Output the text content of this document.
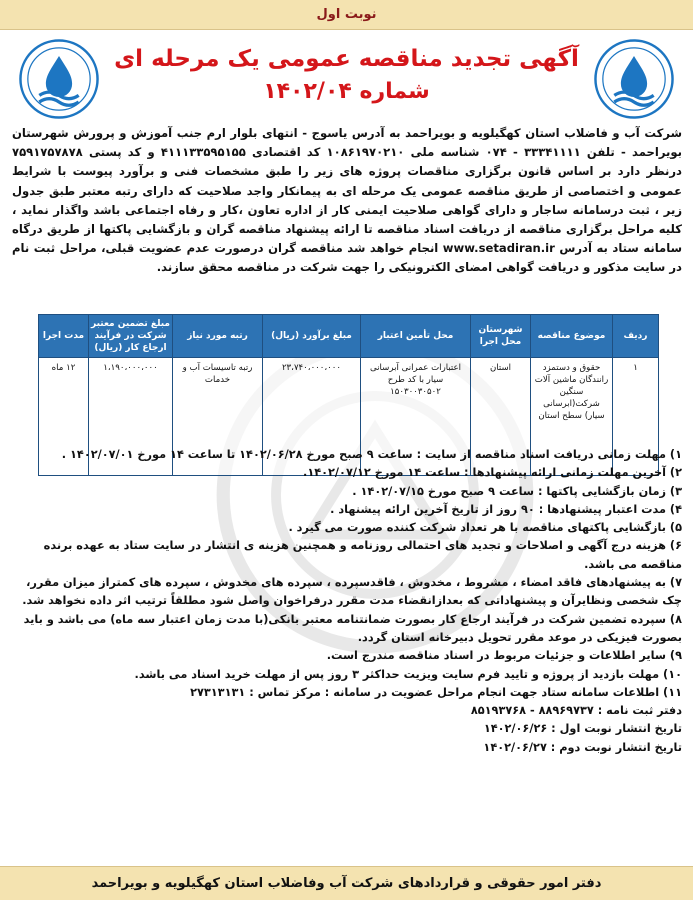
نوبت اول
آگهی تجدید مناقصه عمومی یک مرحله ای
شماره ۱۴۰۲/۰۴
شرکت آب و فاضلاب استان کهگیلویه و بویراحمد به آدرس یاسوج - انتهای بلوار ارم جنب آموزش و پرورش شهرستان بویراحمد - تلفن ۳۳۳۴۱۱۱۱ - ۰۷۴ شناسه ملی ۱۰۸۶۱۹۷۰۲۱۰ کد اقتصادی ۴۱۱۱۳۳۵۹۵۱۵۵ و کد پستی ۷۵۹۱۷۵۷۸۷۸ درنظر دارد بر اساس قانون برگزاری مناقصات پروژه های زیر را طبق مشخصات فنی و برآورد پیوست با شرایط عمومی و اختصاصی از طریق مناقصه عمومی یک مرحله ای به پیمانکار واجد صلاحیت که دارای رتبه معتبر طبق جدول زیر ، ثبت درسامانه ساجار و دارای گواهی صلاحیت ایمنی کار از اداره تعاون ،کار و رفاه اجتماعی باشد واگذار نماید ، کلیه مراحل برگزاری مناقصه از دریافت اسناد مناقصه تا ارائه پیشنهاد مناقصه گران و بازگشایی پاکتها از طریق درگاه سامانه ستاد به آدرس www.setadiran.ir انجام خواهد شد مناقصه گران درصورت عدم عضویت قبلی، مراحل ثبت نام در سایت مذکور و دریافت گواهی امضای الکترونیکی را جهت شرکت در مناقصه محقق سازند.
ردیف	موضوع مناقصه	شهرستان محل اجرا	محل تأمین اعتبار	مبلغ برآورد (ریال)	رتبه مورد نیاز	مبلغ تضمین معتبر شرکت در فرآیند ارجاع کار (ریال)	مدت اجرا
۱	حقوق و دستمزد رانندگان ماشین آلات سنگین شرکت(ابرسانی سیار) سطح استان	استان	اعتبارات عمرانی آبرسانی سیار با کد طرح ۱۵۰۳۰۰۳۰۵۰۲	۲۳،۷۴۰،۰۰۰،۰۰۰	رتبه تاسیسات آب و خدمات	۱،۱۹۰،۰۰۰،۰۰۰	۱۲ ماه

۱) مهلت زمانی دریافت اسناد مناقصه از سایت : ساعت ۹ صبح مورخ ۱۴۰۲/۰۶/۲۸ تا ساعت ۱۴ مورخ ۱۴۰۲/۰۷/۰۱ .

۲) آخرین مهلت زمانی ارائه پیشنهادها : ساعت ۱۴ مورخ ۱۴۰۲/۰۷/۱۲.

۳) زمان بازگشایی پاکتها : ساعت ۹ صبح مورخ ۱۴۰۲/۰۷/۱۵ .

۴) مدت اعتبار پیشنهادها : ۹۰ روز از تاریخ آخرین ارائه پیشنهاد .

۵) بازگشایی پاکتهای مناقصه با هر تعداد شرکت کننده صورت می گیرد .

۶) هزینه درج آگهی و اصلاحات و تجدید های احتمالی روزنامه و همچنین هزینه ی انتشار در سایت ستاد به عهده برنده مناقصه می باشد.

۷) به پیشنهادهای فاقد امضاء ، مشروط ، مخدوش ، فاقدسپرده ، سپرده های مخدوش ، سپرده های کمتراز میزان مقرر، چک شخصی ونظایرآن و پیشنهاداتی که بعدازانقضاء مدت مقرر درفراخوان واصل شود مطلقاً ترتیب اثر داده نخواهد شد.

۸) سپرده تضمین شرکت در فرآیند ارجاع کار بصورت ضمانتنامه معتبر بانکی(با مدت زمان اعتبار سه ماه) می باشد و باید بصورت فیزیکی در موعد مقرر تحویل دبیرخانه استان گردد.

۹) سایر اطلاعات و جزئیات مربوط در اسناد مناقصه مندرج است.

۱۰) مهلت بازدید از پروژه و تایید فرم سایت ویزیت حداکثر ۳ روز پس از مهلت خرید اسناد می باشد.

۱۱) اطلاعات سامانه ستاد جهت انجام مراحل عضویت در سامانه : مرکز تماس : ۲۷۳۱۳۱۳۱

دفتر ثبت نامه : ۸۸۹۶۹۷۳۷ - ۸۵۱۹۳۷۶۸

تاریخ انتشار نوبت اول : ۱۴۰۲/۰۶/۲۶

تاریخ انتشار نوبت دوم : ۱۴۰۲/۰۶/۲۷

دفتر امور حقوقی و قراردادهای شرکت آب وفاضلاب استان کهگیلویه و بویراحمد
